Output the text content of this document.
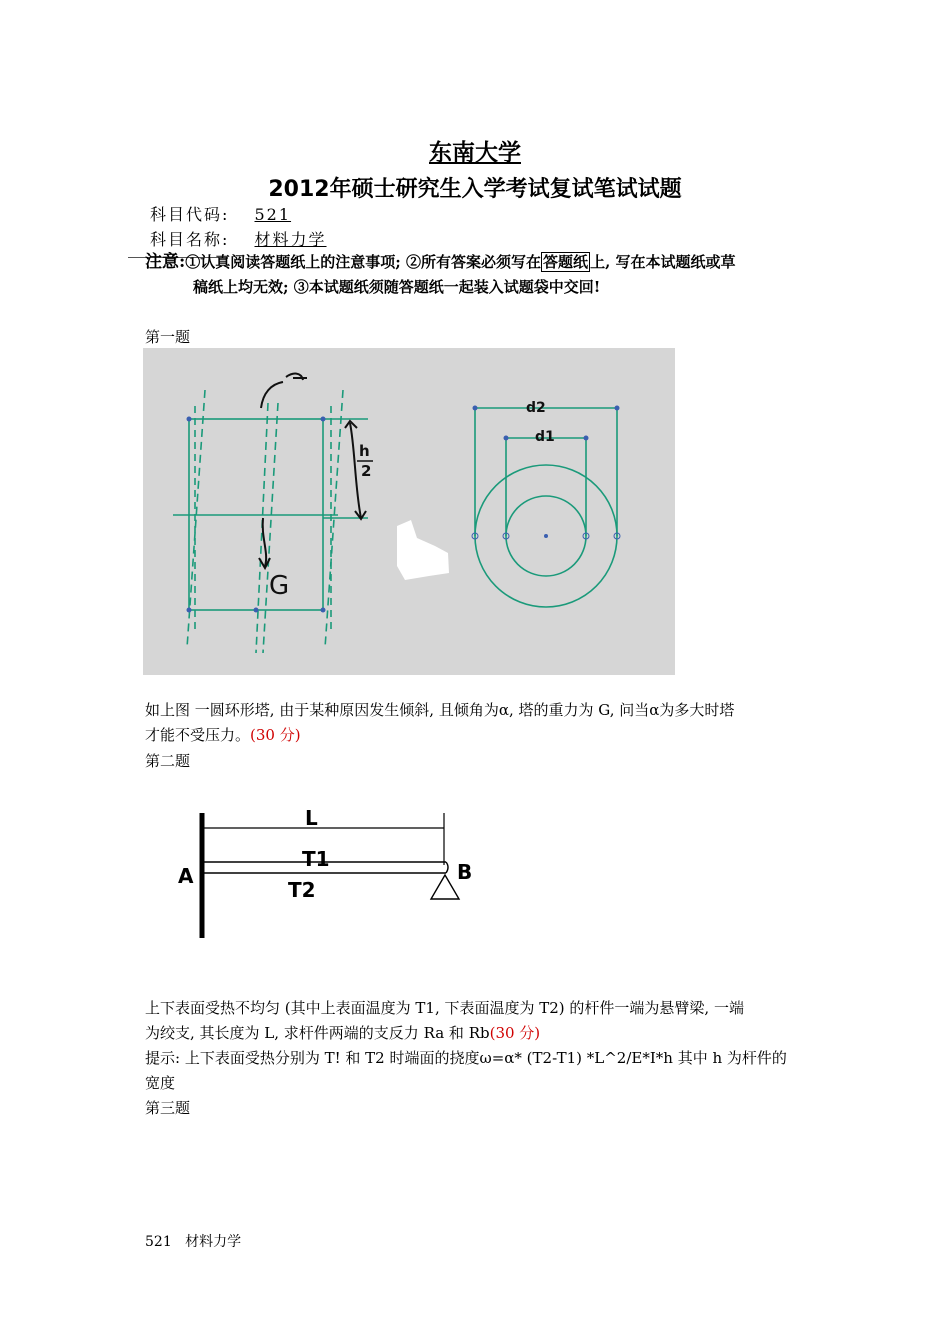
东南大学
2012年硕士研究生入学考试复试笔试试题
科目代码: 521
科目名称: 材料力学
注意:①认真阅读答题纸上的注意事项; ②所有答案必须写在 答题纸 上, 写在本试题纸或草
稿纸上均无效; ③本试题纸须随答题纸一起装入试题袋中交回!
第一题
h
2
G
d2
d1
如上图 一圆环形塔, 由于某种原因发生倾斜, 且倾角为α, 塔的重力为 G, 问当α为多大时塔
才能不受压力。(30 分)
第二题
L
T1
T2
A	B
上下表面受热不均匀 (其中上表面温度为 T1, 下表面温度为 T2) 的杆件一端为悬臂梁, 一端
为绞支, 其长度为 L, 求杆件两端的支反力 Ra 和 Rb(30 分)
提示: 上下表面受热分别为 T! 和 T2 时端面的挠度ω=α* (T2-T1) *L^2/E*I*h 其中 h 为杆件的
宽度
第三题
521   材料力学
